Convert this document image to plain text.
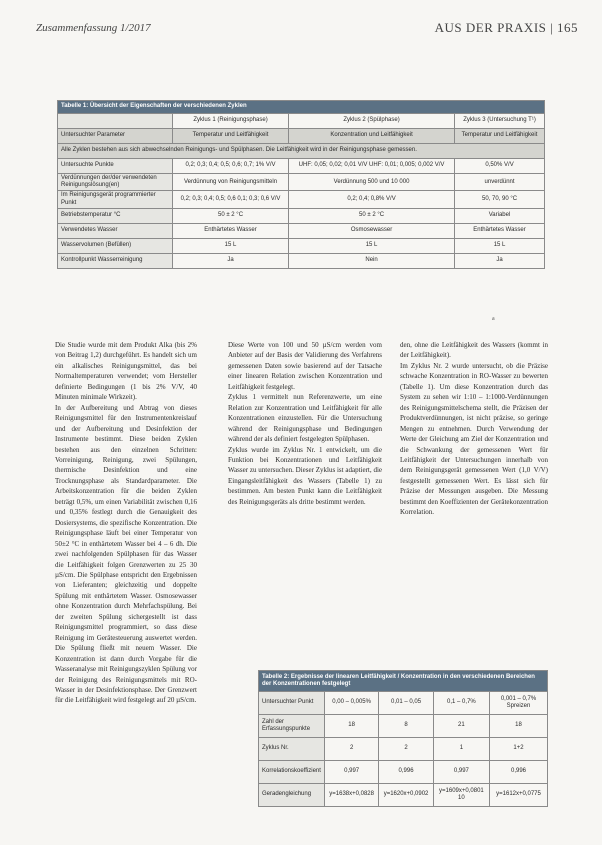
Zusammenfassung 1/2017	AUS DER PRAXIS | 165
Tabelle 1: Übersicht der Eigenschaften der verschiedenen Zyklen			
	Zyklus 1 (Reinigungsphase)	Zyklus 2 (Spülphase)	Zyklus 3 (Untersuchung T¹)
Untersuchter Parameter	Temperatur und Leitfähigkeit	Konzentration und Leitfähigkeit	Temperatur und Leitfähigkeit
Alle Zyklen bestehen aus sich abwechselnden Reinigungs- und Spülphasen. Die Leitfähigkeit wird in der Reinigungsphase gemessen.			
Untersuchte Punkte	0,2; 0,3; 0,4; 0,5; 0,6; 0,7; 1% V/V	UHF: 0,05; 0,02; 0,01 V/V UHF: 0,01; 0,005; 0,002 V/V	0,50% V/V
Verdünnungen der/der verwendeten Reinigungslösung(en)	Verdünnung von Reinigungsmitteln	Verdünnung 500 und 10 000	unverdünnt
Im Reinigungsgerät programmierter Punkt	0,2; 0,3; 0,4; 0,5; 0,6 0,1; 0,3; 0,6 V/V	0,2; 0,4; 0,8% V/V	50, 70, 90 °C
Betriebstemperatur °C	50 ± 2 °C	50 ± 2 °C	Variabel
Verwendetes Wasser	Enthärtetes Wasser	Osmosewasser	Enthärtetes Wasser
Wasservolumen (Befüllen)	15 L	15 L	15 L
Kontrollpunkt Wasserreinigung	Ja	Nein	Ja
a

Die Studie wurde mit dem Produkt Alka (bis 2% von Beitrag 1,2) durchgeführt. Es handelt sich um ein alkalisches Reinigungsmittel, das bei Normaltemperaturen verwendet; vom Hersteller definierte Bedingungen (1 bis 2% V/V, 40 Minuten minimale Wirkzeit).

In der Aufbereitung und Abtrag von dieses Reinigungsmittel für den Instrumentenkreislauf und der Aufbereitung und Desinfektion der Instrumente bestimmt. Diese beiden Zyklen bestehen aus den einzelnen Schritten: Vorreinigung, Reinigung, zwei Spülungen, thermische Desinfektion und eine Trocknungsphase als Standardparameter. Die Arbeitskonzentration für die beiden Zyklen beträgt 0,5%, um einen Variabilität zwischen 0,16 und 0,35% festlegt durch die Genauigkeit des Dosiersystems, die spezifische Konzentration. Die Reinigungsphase läuft bei einer Temperatur von 50±2 °C in enthärtetem Wasser bei 4 – 6 dh. Die zwei nachfolgenden Spülphasen für das Wasser die Leitfähigkeit folgen Grenzwerten zu 25 30 µS/cm. Die Spülphase entspricht den Ergebnissen von Lieferanten; gleichzeitig und doppelte Spülung mit enthärtetem Wasser. Osmosewasser ohne Konzentration durch Mehrfachspülung. Bei der zweiten Spülung sichergestellt ist dass Reinigungsmittel programmiert, so dass diese Reinigung im Gerätesteuerung auswertet werden. Die Spülung fließt mit neuem Wasser. Die Konzentration ist dann durch Vorgabe für die Wasseranalyse mit Reinigungszyklen Spülung vor der Reinigung des Reinigungsmittels mit RO-Wasser in der Desinfektionsphase. Der Grenzwert für die Leitfähigkeit wird festgelegt auf 20 µS/cm.

Diese Werte von 100 und 50 µS/cm werden vom Anbieter auf der Basis der Validierung des Verfahrens gemessenen Daten sowie basierend auf der Tatsache einer linearen Relation zwischen Konzentration und Leitfähigkeit festgelegt.

Zyklus 1 vermittelt nun Referenzwerte, um eine Relation zur Konzentration und Leitfähigkeit für alle Konzentrationen einzustellen. Für die Untersuchung während der Reinigungsphase und Bedingungen während der als definiert festgelegten Spülphasen.

Zyklus wurde im Zyklus Nr. 1 entwickelt, um die Funktion bei Konzentrationen und Leitfähigkeit Wasser zu untersuchen. Dieser Zyklus ist adaptiert, die Eingangsleitfähigkeit des Wassers (Tabelle 1) zu bestimmen. Am besten Punkt kann die Leitfähigkeit des Reinigungsgeräts als dritte bestimmt werden.

den, ohne die Leitfähigkeit des Wassers (kommt in der Leitfähigkeit).

Im Zyklus Nr. 2 wurde untersucht, ob die Präzise schwache Konzentration in RO-Wasser zu bewerten (Tabelle 1). Um diese Konzentration durch das System zu sehen wir 1:10 – 1:1000-Verdünnungen des Reinigungsmittelschema stellt, die Präzisen der Produktverdünnungen, ist nicht präzise, so geringe Mengen zu entnehmen. Durch Verwendung der Werte der Gleichung am Ziel der Konzentration und die Schwankung der gemessenen Wert für Leitfähigkeit der Untersuchungen innerhalb von dem Reinigungsgerät gemessenen Wert (1,0 V/V) festgestellt gemessenen Wert. Es lässt sich für Präzise der Messungen ausgeben. Die Messung bestimmt den Koeffizienten der Gerätekonzentration Korrelation.

Tabelle 2: Ergebnisse der linearen Leitfähigkeit / Konzentration in den verschiedenen Bereichen der Konzentrationen festgelegt				
Untersuchter Punkt	0,00 – 0,005%	0,01 – 0,05	0,1 – 0,7%	0,001 – 0,7% Spreizen
Zahl der Erfassungspunkte	18	8	21	18
Zyklus Nr.	2	2	1	1+2
Korrelationskoeffizient	0,997	0,996	0,997	0,996
Geradengleichung	y=1638x+0,0828	y=1620x+0,0902	y=1609x+0,0801 10	y=1612x+0,0775
